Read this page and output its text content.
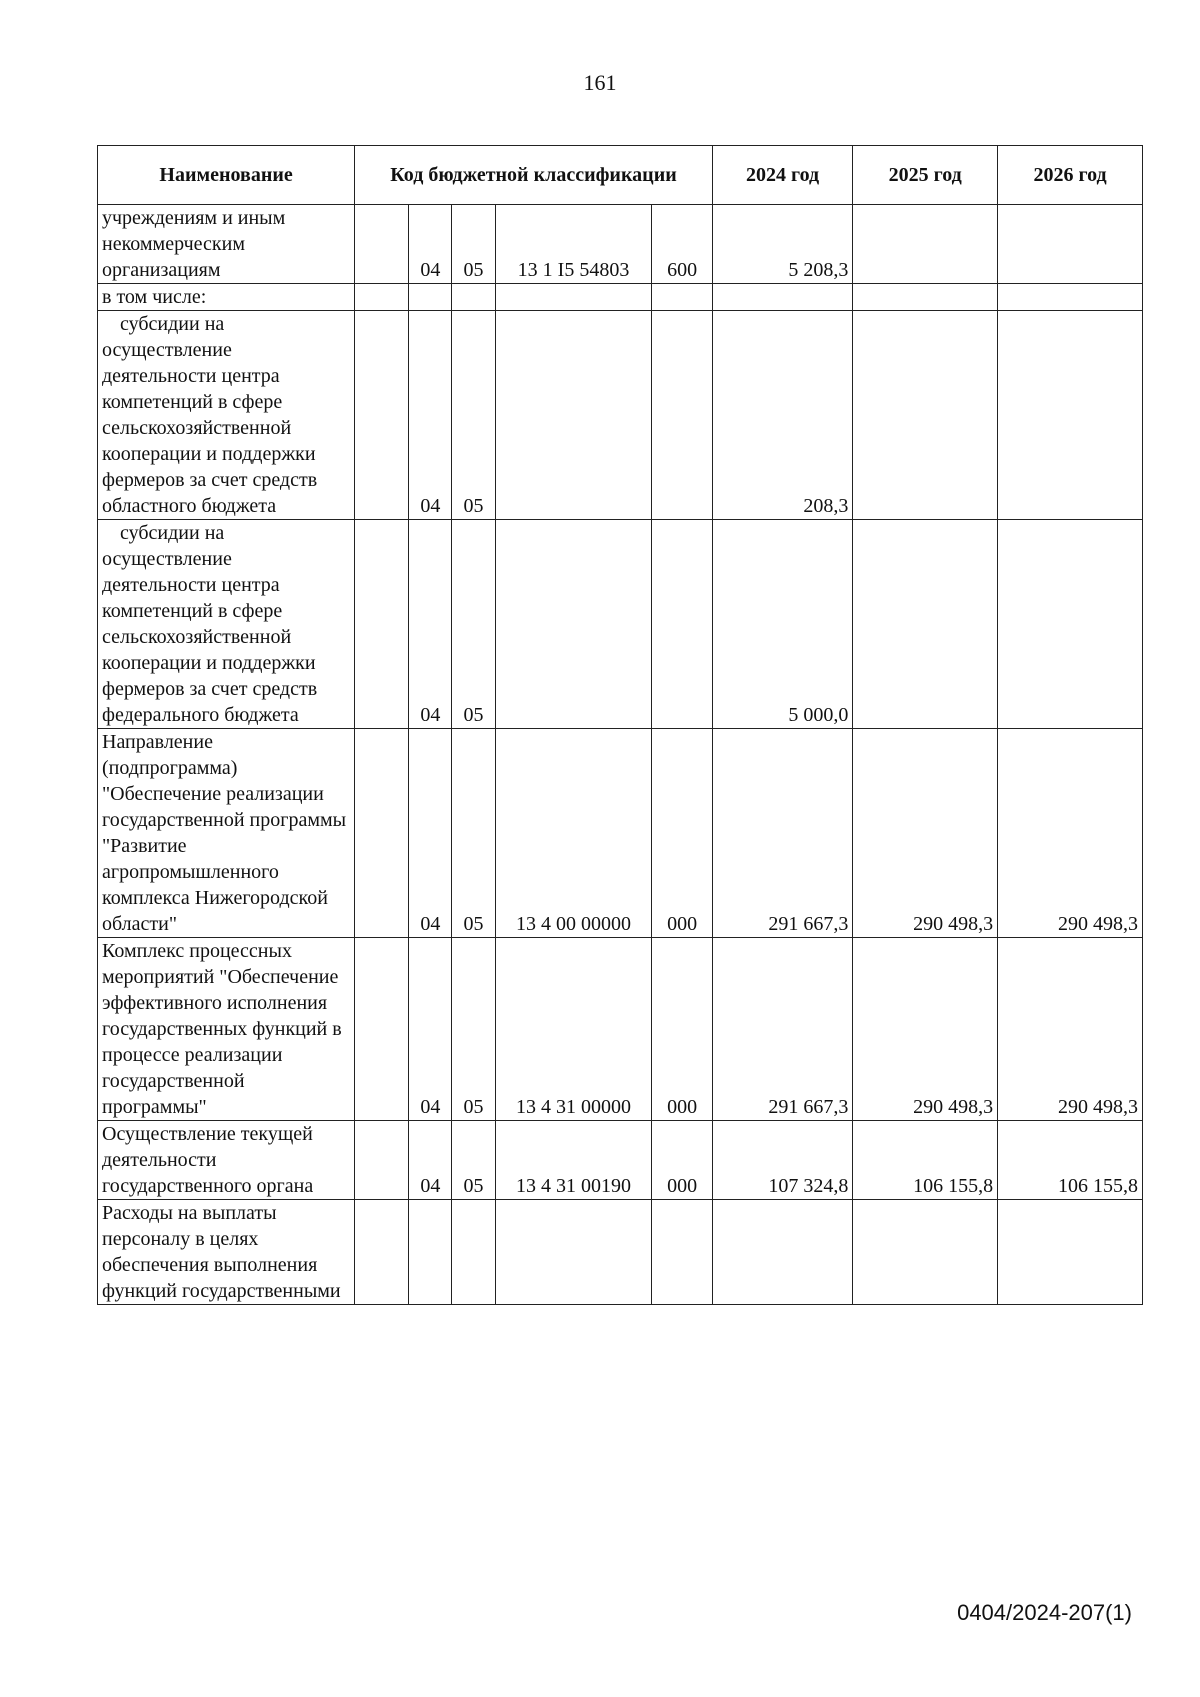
161
Наименование	Код бюджетной классификации					2024 год	2025 год	2026 год
учреждениям и иным некоммерческим организациям		04	05	13 1 I5 54803	600	5 208,3		
в том числе:								

субсидии на осуществление деятельности центра компетенций в сфере сельскохозяйственной кооперации и поддержки фермеров за счет средств областного бюджета		04	05			208,3		

субсидии на осуществление деятельности центра компетенций в сфере сельскохозяйственной кооперации и поддержки фермеров за счет средств федерального бюджета		04	05			5 000,0		
Направление (подпрограмма) "Обеспечение реализации государственной программы "Развитие агропромышленного комплекса Нижегородской области"		04	05	13 4 00 00000	000	291 667,3	290 498,3	290 498,3
Комплекс процессных мероприятий "Обеспечение эффективного исполнения государственных функций в процессе реализации государственной программы"		04	05	13 4 31 00000	000	291 667,3	290 498,3	290 498,3
Осуществление текущей деятельности государственного органа		04	05	13 4 31 00190	000	107 324,8	106 155,8	106 155,8
Расходы на выплаты персоналу в целях обеспечения выполнения функций государственными								
0404/2024-207(1)
